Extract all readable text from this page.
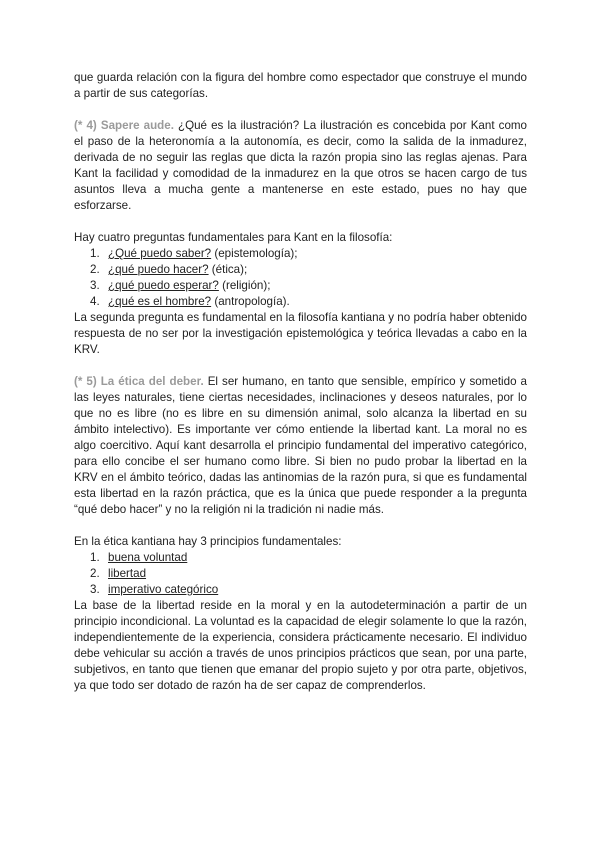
que guarda relación con la figura del hombre como espectador que construye el mundo a partir de sus categorías.

(* 4) Sapere aude. ¿Qué es la ilustración? La ilustración es concebida por Kant como el paso de la heteronomía a la autonomía, es decir, como la salida de la inmadurez, derivada de no seguir las reglas que dicta la razón propia sino las reglas ajenas. Para Kant la facilidad y comodidad de la inmadurez en la que otros se hacen cargo de tus asuntos lleva a mucha gente a mantenerse en este estado, pues no hay que esforzarse.

Hay cuatro preguntas fundamentales para Kant en la filosofía:

1. ¿Qué puedo saber? (epistemología);
2. ¿qué puedo hacer? (ética);
3. ¿qué puedo esperar? (religión);
4. ¿qué es el hombre? (antropología).

La segunda pregunta es fundamental en la filosofía kantiana y no podría haber obtenido respuesta de no ser por la investigación epistemológica y teórica llevadas a cabo en la KRV.

(* 5) La ética del deber. El ser humano, en tanto que sensible, empírico y sometido a las leyes naturales, tiene ciertas necesidades, inclinaciones y deseos naturales, por lo que no es libre (no es libre en su dimensión animal, solo alcanza la libertad en su ámbito intelectivo). Es importante ver cómo entiende la libertad kant. La moral no es algo coercitivo. Aquí kant desarrolla el principio fundamental del imperativo categórico, para ello concibe el ser humano como libre. Si bien no pudo probar la libertad en la KRV en el ámbito teórico, dadas las antinomias de la razón pura, si que es fundamental esta libertad en la razón práctica, que es la única que puede responder a la pregunta “qué debo hacer” y no la religión ni la tradición ni nadie más.

En la ética kantiana hay 3 principios fundamentales:

1. buena voluntad
2. libertad
3. imperativo categórico

La base de la libertad reside en la moral y en la autodeterminación a partir de un principio incondicional. La voluntad es la capacidad de elegir solamente lo que la razón, independientemente de la experiencia, considera prácticamente necesario. El individuo debe vehicular su acción a través de unos principios prácticos que sean, por una parte, subjetivos, en tanto que tienen que emanar del propio sujeto y por otra parte, objetivos, ya que todo ser dotado de razón ha de ser capaz de comprenderlos.
